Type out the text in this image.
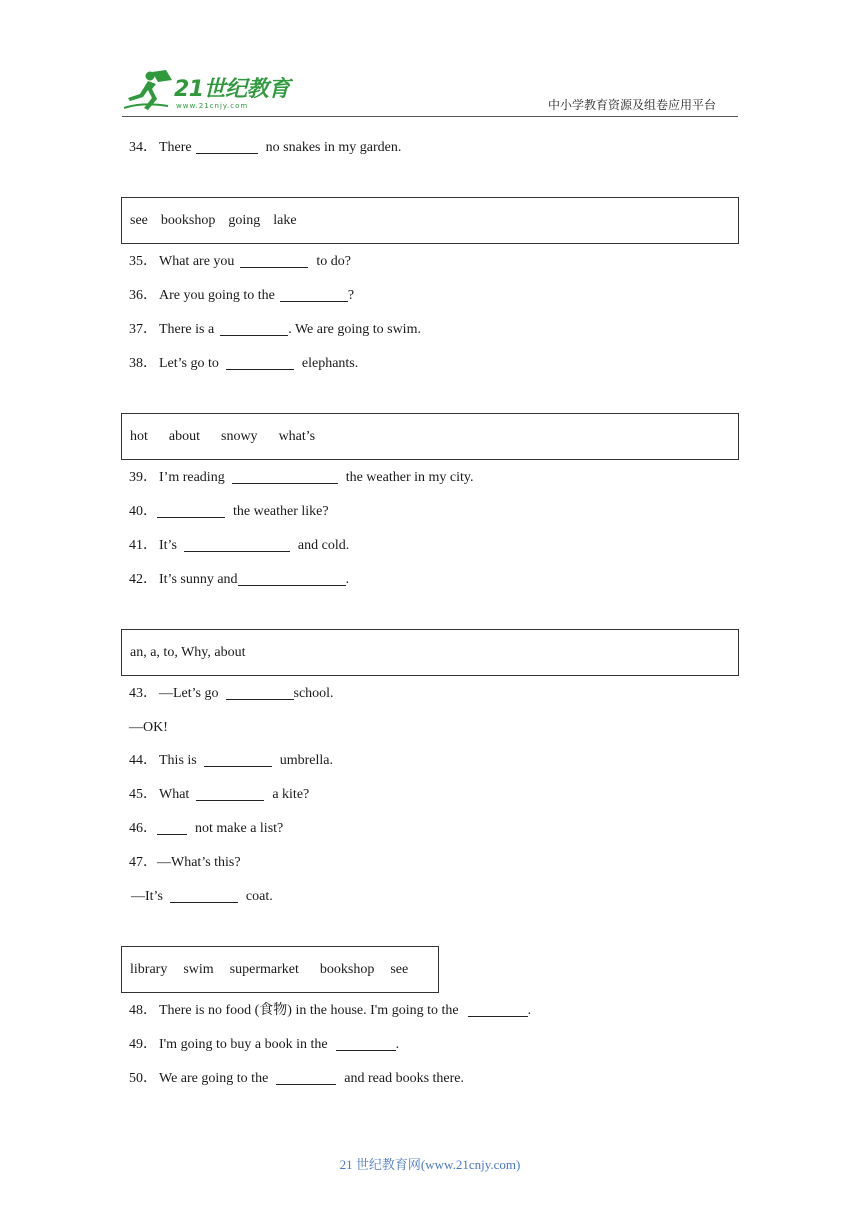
21世纪教育
www.21cnjy.com	中小学教育资源及组卷应用平台
34． There	no snakes in my garden.
see bookshop going lake
35． What are you	to do?
36． Are you going to the	?
37． There is a	. We are going to swim.
38． Let’s go to	elephants.
hot about snowy what’s
39． I’m reading	the weather in my city.
40．	the weather like?
41． It’s	and cold.
42． It’s sunny and	.
an, a, to, Why, about
43． —Let’s go	school.
—OK!
44． This is	umbrella.
45． What	a kite?
46．	not make a list?
47． —What’s this?
—It’s	coat.
library swim supermarket bookshop see
48． There is no food (食物) in the house. I'm going to the	.
49． I'm going to buy a book in the	.
50． We are going to the	and read books there.
21 世纪教育网(www.21cnjy.com)
